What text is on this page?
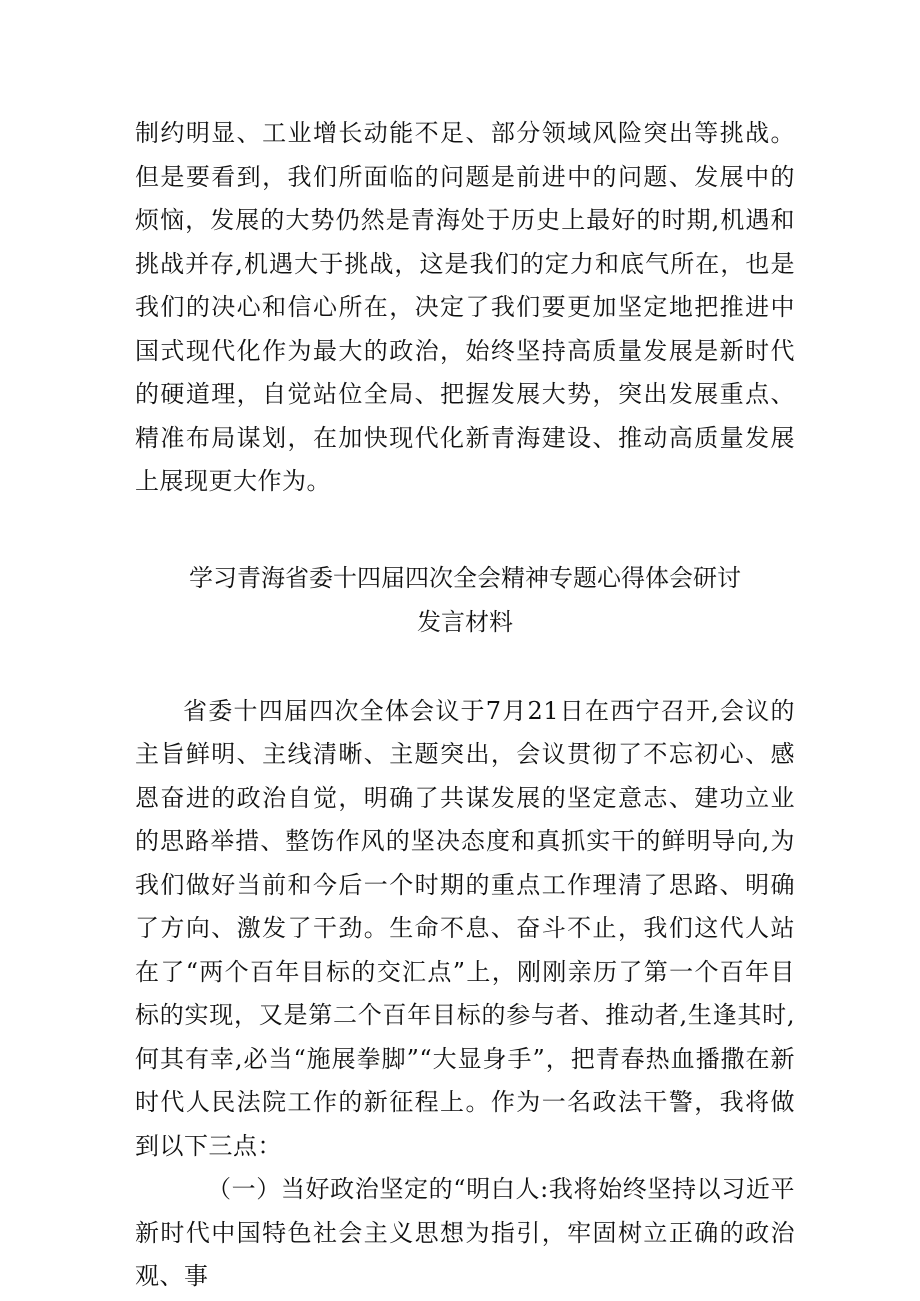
制约明显、工业增长动能不足、部分领域风险突出等挑战。但是要看到，我们所面临的问题是前进中的问题、发展中的烦恼，发展的大势仍然是青海处于历史上最好的时期,机遇和挑战并存,机遇大于挑战，这是我们的定力和底气所在，也是我们的决心和信心所在，决定了我们要更加坚定地把推进中国式现代化作为最大的政治，始终坚持高质量发展是新时代的硬道理，自觉站位全局、把握发展大势，突出发展重点、精准布局谋划，在加快现代化新青海建设、推动高质量发展上展现更大作为。

学习青海省委十四届四次全会精神专题心得体会研讨
发言材料

省委十四届四次全体会议于7月21日在西宁召开,会议的主旨鲜明、主线清晰、主题突出，会议贯彻了不忘初心、感恩奋进的政治自觉，明确了共谋发展的坚定意志、建功立业的思路举措、整饬作风的坚决态度和真抓实干的鲜明导向,为我们做好当前和今后一个时期的重点工作理清了思路、明确了方向、激发了干劲。生命不息、奋斗不止，我们这代人站在了“两个百年目标的交汇点”上，刚刚亲历了第一个百年目标的实现，又是第二个百年目标的参与者、推动者,生逢其时,何其有幸,必当“施展拳脚”“大显身手”，把青春热血播撒在新时代人民法院工作的新征程上。作为一名政法干警，我将做到以下三点：

（一）当好政治坚定的“明白人:我将始终坚持以习近平新时代中国特色社会主义思想为指引，牢固树立正确的政治观、事
